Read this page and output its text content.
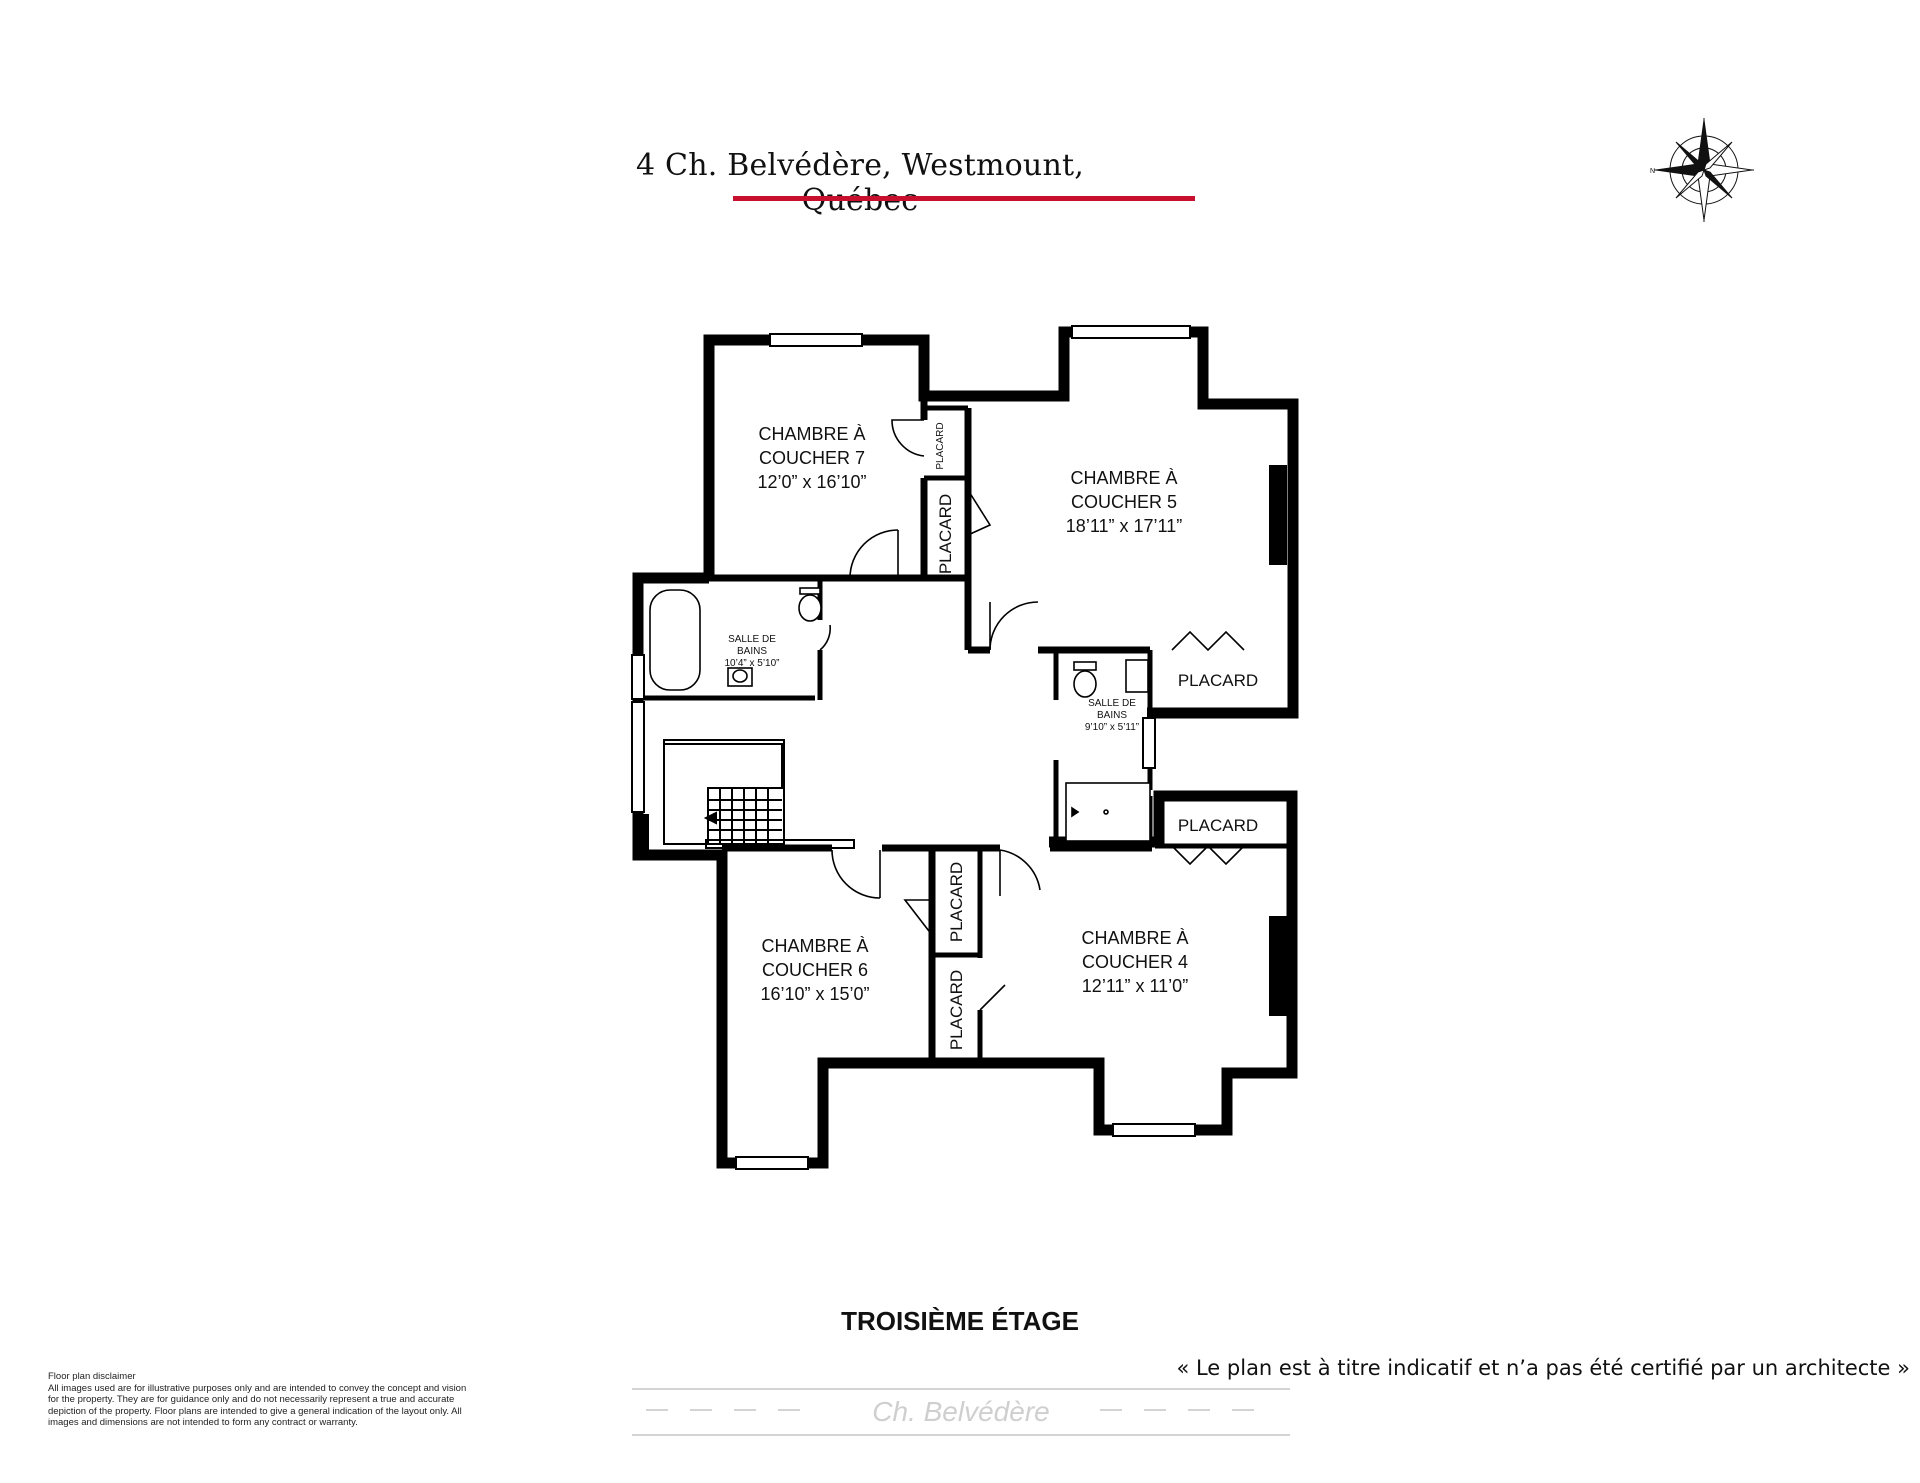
4 Ch. Belvédère, Westmount,	N
CHAMBRE À
COUCHER 7
12’0” x 16’10”	CHAMBRE À
COUCHER 5
18’11” x 17’11”
CHAMBRE À
COUCHER 6
16’10” x 15’0”
CHAMBRE À
COUCHER 4
12’11” x 11’0”
SALLE DE
BAINS
10’4” x 5’10”
SALLE DE
BAINS
9’10” x 5’11”
PLACARD
PLACARD
PLACARD
PLACARD
PLACARD
PLACARD
TROISIÈME ÉTAGE
« Le plan est à titre indicatif et n’a pas été certifié par un architecte »
Ch. Belvédère
Floor plan disclaimer
All images used are for illustrative purposes only and are intended to convey the concept and vision
for the property. They are for guidance only and do not necessarily represent a true and accurate
depiction of the property. Floor plans are intended to give a general indication of the layout only. All
images and dimensions are not intended to form any contract or warranty.
